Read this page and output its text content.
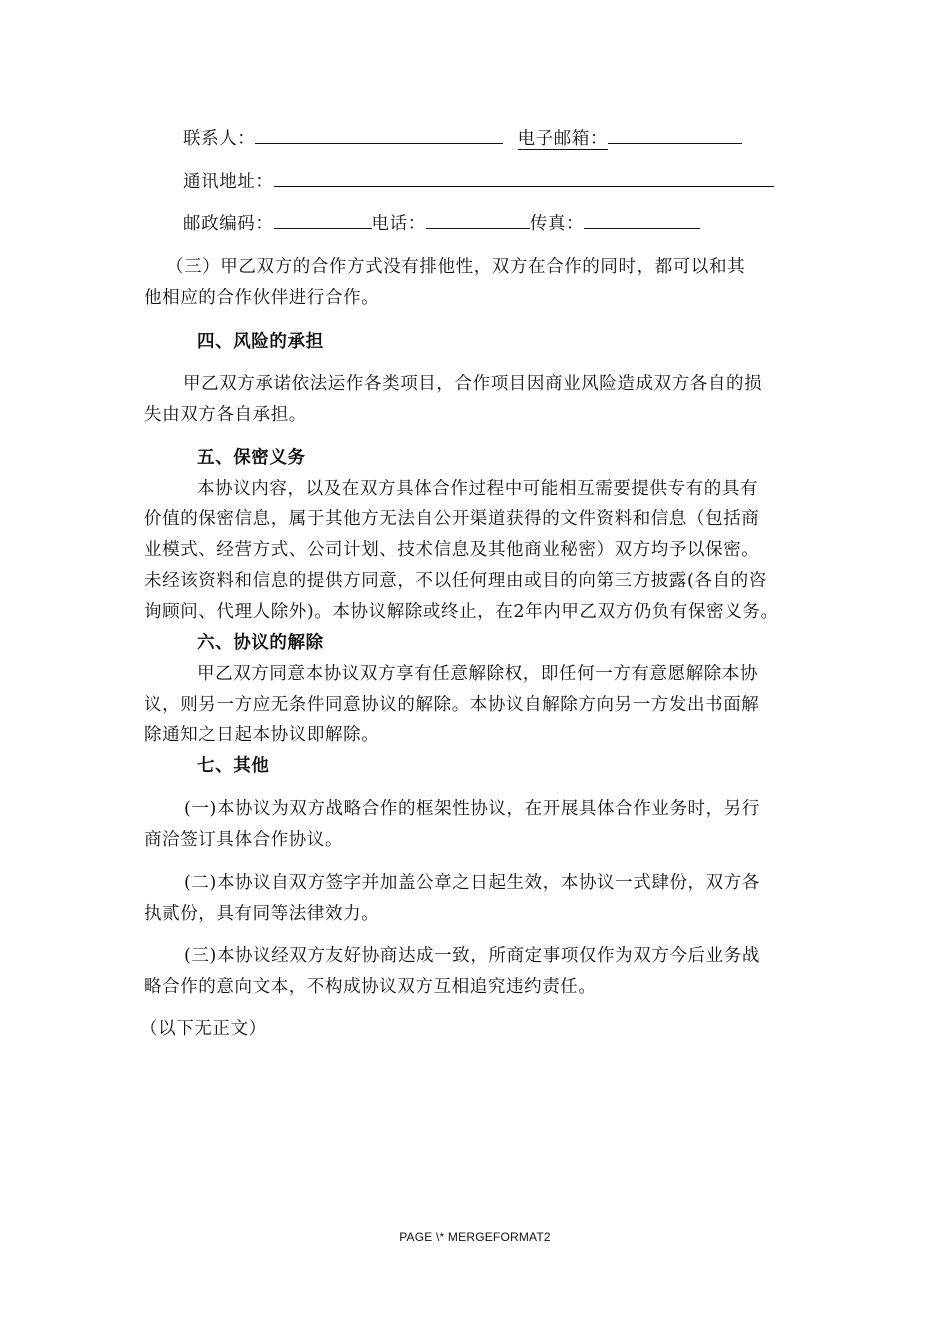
联系人：	电子邮箱：
通讯地址：
邮政编码：	电话：	传真：
（三）甲乙双方的合作方式没有排他性，双方在合作的同时，都可以和其
他相应的合作伙伴进行合作。
四、风险的承担
甲乙双方承诺依法运作各类项目，合作项目因商业风险造成双方各自的损
失由双方各自承担。
五、保密义务
本协议内容，以及在双方具体合作过程中可能相互需要提供专有的具有
价值的保密信息，属于其他方无法自公开渠道获得的文件资料和信息（包括商
业模式、经营方式、公司计划、技术信息及其他商业秘密）双方均予以保密。
未经该资料和信息的提供方同意，不以任何理由或目的向第三方披露(各自的咨
询顾问、代理人除外)。本协议解除或终止，在2年内甲乙双方仍负有保密义务。
六、协议的解除
甲乙双方同意本协议双方享有任意解除权，即任何一方有意愿解除本协
议，则另一方应无条件同意协议的解除。本协议自解除方向另一方发出书面解
除通知之日起本协议即解除。
七、其他
(一)本协议为双方战略合作的框架性协议，在开展具体合作业务时，另行
商洽签订具体合作协议。
(二)本协议自双方签字并加盖公章之日起生效，本协议一式肆份，双方各
执贰份，具有同等法律效力。
(三)本协议经双方友好协商达成一致，所商定事项仅作为双方今后业务战
略合作的意向文本，不构成协议双方互相追究违约责任。
（以下无正文）
PAGE \* MERGEFORMAT2
